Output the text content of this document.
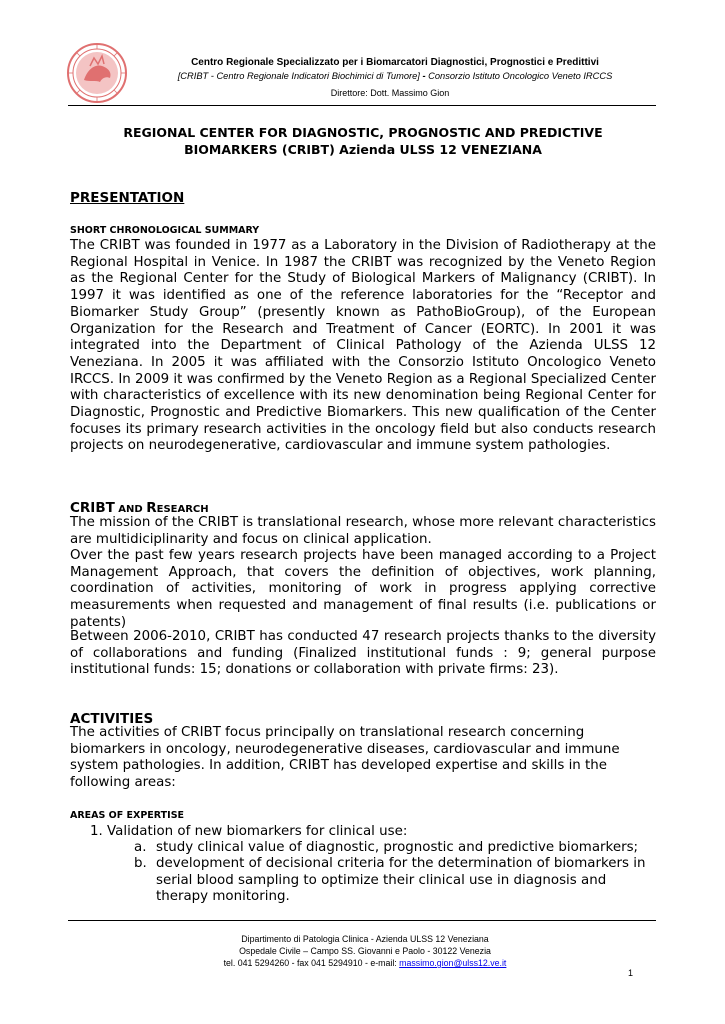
Centro Regionale Specializzato per i Biomarcatori Diagnostici, Prognostici e Predittivi
[CRIBT - Centro Regionale Indicatori Biochimici di Tumore] - Consorzio Istituto Oncologico Veneto IRCCS
Direttore: Dott. Massimo Gion
REGIONAL CENTER FOR DIAGNOSTIC, PROGNOSTIC AND PREDICTIVE
BIOMARKERS (CRIBT) Azienda ULSS 12 VENEZIANA
PRESENTATION
SHORT CHRONOLOGICAL SUMMARY
The CRIBT was founded in 1977 as a Laboratory in the Division of Radiotherapy at the Regional Hospital in Venice. In 1987 the CRIBT was recognized by the Veneto Region as the Regional Center for the Study of Biological Markers of Malignancy (CRIBT). In 1997 it was identified as one of the reference laboratories for the “Receptor and Biomarker Study Group” (presently known as PathoBioGroup), of the European Organization for the Research and Treatment of Cancer (EORTC). In 2001 it was integrated into the Department of Clinical Pathology of the Azienda ULSS 12 Veneziana. In 2005 it was affiliated with the Consorzio Istituto Oncologico Veneto IRCCS. In 2009 it was confirmed by the Veneto Region as a Regional Specialized Center with characteristics of excellence with its new denomination being Regional Center for Diagnostic, Prognostic and Predictive Biomarkers. This new qualification of the Center focuses its primary research activities in the oncology field but also conducts research projects on neurodegenerative, cardiovascular and immune system pathologies.
CRIBT AND RESEARCH
The mission of the CRIBT is translational research, whose more relevant characteristics are multidiciplinarity and focus on clinical application.
Over the past few years research projects have been managed according to a Project Management Approach, that covers the definition of objectives, work planning, coordination of activities, monitoring of work in progress applying corrective measurements when requested and management of final results (i.e. publications or patents)
Between 2006-2010, CRIBT has conducted 47 research projects thanks to the diversity of collaborations and funding (Finalized institutional funds : 9; general purpose institutional funds: 15; donations or collaboration with private firms: 23).
ACTIVITIES
The activities of CRIBT focus principally on translational research concerning biomarkers in oncology, neurodegenerative diseases, cardiovascular and immune system pathologies. In addition, CRIBT has developed expertise and skills in the following areas:
AREAS OF EXPERTISE
1. Validation of new biomarkers for clinical use:
a. study clinical value of diagnostic, prognostic and predictive biomarkers;
b. development of decisional criteria for the determination of biomarkers in serial blood sampling to optimize their clinical use in diagnosis and therapy monitoring.
Dipartimento di Patologia Clinica - Azienda ULSS 12 Veneziana
Ospedale Civile – Campo SS. Giovanni e Paolo - 30122 Venezia
tel. 041 5294260 - fax 041 5294910 - e-mail: massimo.gion@ulss12.ve.it
1
